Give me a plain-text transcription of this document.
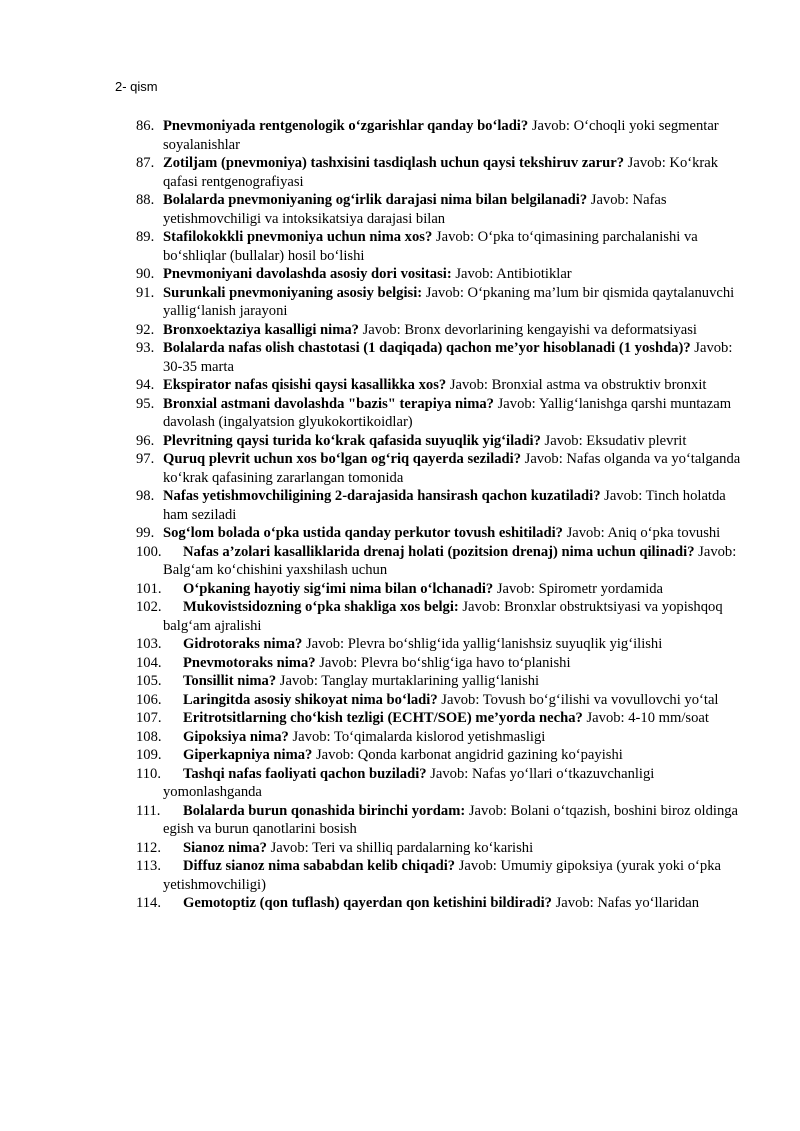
2- qism
86. Pnevmoniyada rentgenologik o‘zgarishlar qanday bo‘ladi? Javob: O‘choqli yoki segmentar soyalanishlar
87. Zotiljam (pnevmoniya) tashxisini tasdiqlash uchun qaysi tekshiruv zarur? Javob: Ko‘krak qafasi rentgenografiyasi
88. Bolalarda pnevmoniyaning og‘irlik darajasi nima bilan belgilanadi? Javob: Nafas yetishmovchiligi va intoksikatsiya darajasi bilan
89. Stafilokokkli pnevmoniya uchun nima xos? Javob: O‘pka to‘qimasining parchalanishi va bo‘shliqlar (bullalar) hosil bo‘lishi
90. Pnevmoniyani davolashda asosiy dori vositasi: Javob: Antibiotiklar
91. Surunkali pnevmoniyaning asosiy belgisi: Javob: O‘pkaning ma’lum bir qismida qaytalanuvchi yallig‘lanish jarayoni
92. Bronxoektaziya kasalligi nima? Javob: Bronx devorlarining kengayishi va deformatsiyasi
93. Bolalarda nafas olish chastotasi (1 daqiqada) qachon me’yor hisoblanadi (1 yoshda)? Javob: 30-35 marta
94. Ekspirator nafas qisishi qaysi kasallikka xos? Javob: Bronxial astma va obstruktiv bronxit
95. Bronxial astmani davolashda "bazis" terapiya nima? Javob: Yallig‘lanishga qarshi muntazam davolash (ingalyatsion glyukokortikoidlar)
96. Plevritning qaysi turida ko‘krak qafasida suyuqlik yig‘iladi? Javob: Eksudativ plevrit
97. Quruq plevrit uchun xos bo‘lgan og‘riq qayerda seziladi? Javob: Nafas olganda va yo‘talganda ko‘krak qafasining zararlangan tomonida
98. Nafas yetishmovchiligining 2-darajasida hansirash qachon kuzatiladi? Javob: Tinch holatda ham seziladi
99. Sog‘lom bolada o‘pka ustida qanday perkutor tovush eshitiladi? Javob: Aniq o‘pka tovushi
100. Nafas a’zolari kasalliklarida drenaj holati (pozitsion drenaj) nima uchun qilinadi? Javob: Balg‘am ko‘chishini yaxshilash uchun
101. O‘pkaning hayotiy sig‘imi nima bilan o‘lchanadi? Javob: Spirometr yordamida
102. Mukovistsidozning o‘pka shakliga xos belgi: Javob: Bronxlar obstruktsiyasi va yopishqoq balg‘am ajralishi
103. Gidrotoraks nima? Javob: Plevra bo‘shlig‘ida yallig‘lanishsiz suyuqlik yig‘ilishi
104. Pnevmotoraks nima? Javob: Plevra bo‘shlig‘iga havo to‘planishi
105. Tonsillit nima? Javob: Tanglay murtaklarining yallig‘lanishi
106. Laringitda asosiy shikoyat nima bo‘ladi? Javob: Tovush bo‘g‘ilishi va vovullovchi yo‘tal
107. Eritrotsitlarning cho‘kish tezligi (ECHT/SOE) me’yorda necha? Javob: 4-10 mm/soat
108. Gipoksiya nima? Javob: To‘qimalarda kislorod yetishmasligi
109. Giperkapniya nima? Javob: Qonda karbonat angidrid gazining ko‘payishi
110. Tashqi nafas faoliyati qachon buziladi? Javob: Nafas yo‘llari o‘tkazuvchanligi yomonlashganda
111. Bolalarda burun qonashida birinchi yordam: Javob: Bolani o‘tqazish, boshini biroz oldinga egish va burun qanotlarini bosish
112. Sianoz nima? Javob: Teri va shilliq pardalarning ko‘karishi
113. Diffuz sianoz nima sababdan kelib chiqadi? Javob: Umumiy gipoksiya (yurak yoki o‘pka yetishmovchiligi)
114. Gemotoptiz (qon tuflash) qayerdan qon ketishini bildiradi? Javob: Nafas yo‘llaridan
